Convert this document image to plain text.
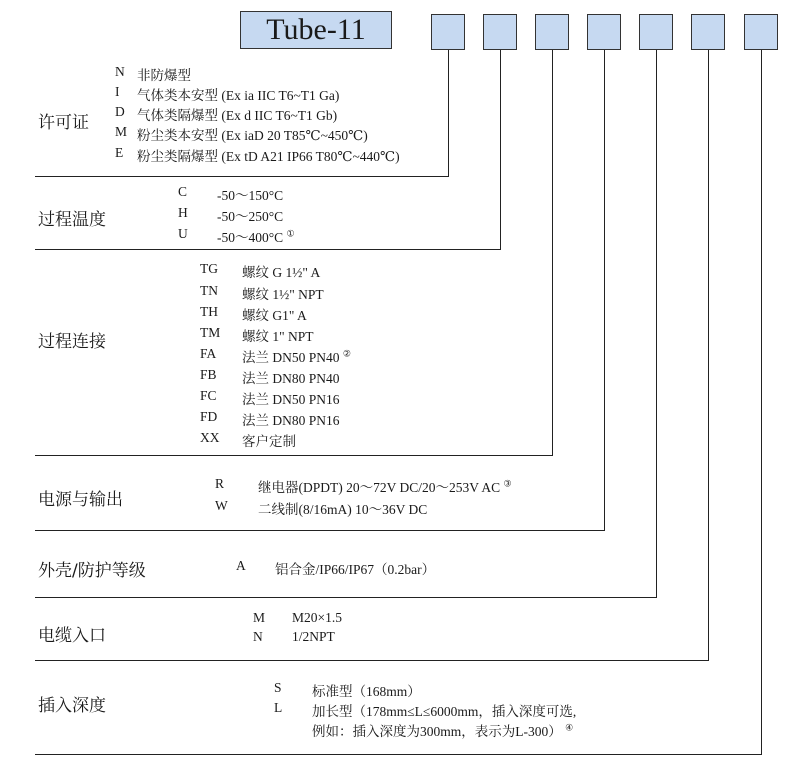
Tube-11
许可证
N 非防爆型
I 气体类本安型 (Ex ia IIC T6~T1 Ga)
D 气体类隔爆型 (Ex d IIC T6~T1 Gb)
M 粉尘类本安型 (Ex iaD 20 T85℃~450℃)
E 粉尘类隔爆型 (Ex tD A21 IP66 T80℃~440℃)
过程温度
C -50～150°C
H -50～250°C
U -50～400°C ①
过程连接
TG 螺纹 G 1½" A
TN 螺纹 1½" NPT
TH 螺纹 G1" A
TM 螺纹 1" NPT
FA 法兰 DN50 PN40 ②
FB 法兰 DN80 PN40
FC 法兰 DN50 PN16
FD 法兰 DN80 PN16
XX 客户定制
电源与输出
R	继电器(DPDT) 20～72V DC/20～253V AC ③
W 二线制(8/16mA) 10～36V DC
外壳/防护等级	A 铝合金/IP66/IP67（0.2bar）
电缆入口
M M20×1.5
N 1/2NPT
插入深度
S 标准型（168mm）
L 加长型（178mm≤L≤6000mm，插入深度可选,
例如：插入深度为300mm，表示为L-300） ④
